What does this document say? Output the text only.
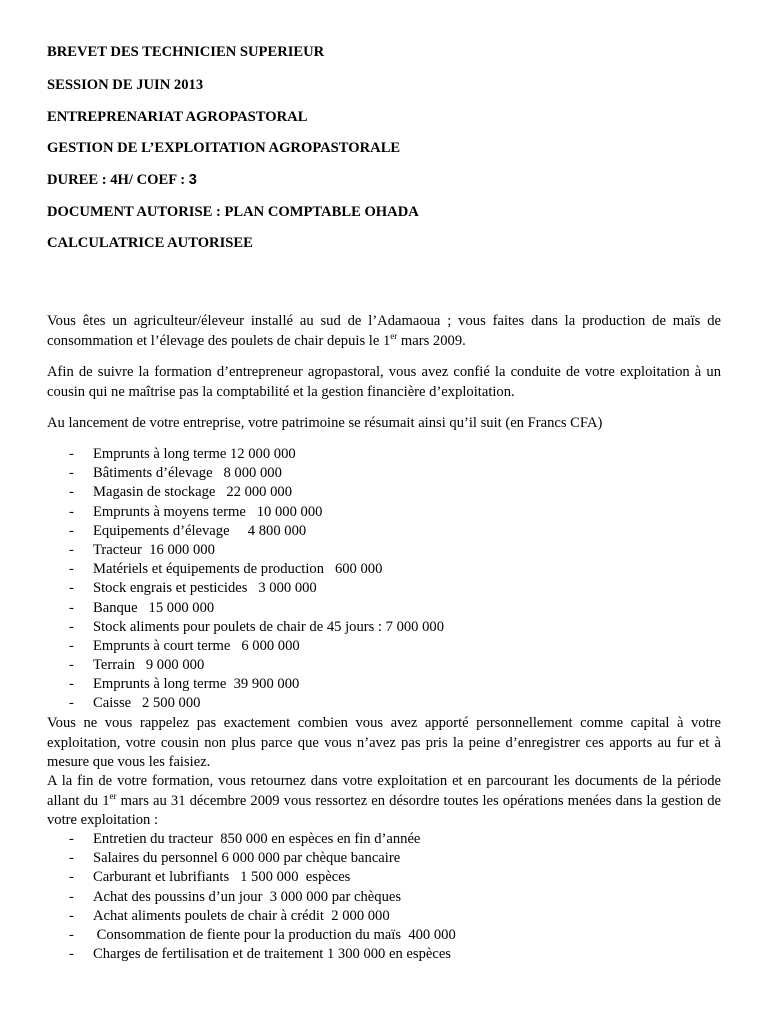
BREVET DES TECHNICIEN SUPERIEUR
SESSION DE JUIN 2013
ENTREPRENARIAT AGROPASTORAL
GESTION DE L’EXPLOITATION AGROPASTORALE
DUREE : 4H/ COEF : 3
DOCUMENT AUTORISE : PLAN COMPTABLE OHADA
CALCULATRICE AUTORISEE

Vous êtes un agriculteur/éleveur installé au sud de l’Adamaoua ; vous faites dans la production de maïs de consommation et l’élevage des poulets de chair depuis le 1er mars 2009.

Afin de suivre la formation d’entrepreneur agropastoral, vous avez confié la conduite de votre exploitation à un cousin qui ne maîtrise pas la comptabilité et la gestion financière d’exploitation.

Au lancement de votre entreprise, votre patrimoine se résumait ainsi qu’il suit (en Francs CFA)

- Emprunts à long terme 12 000 000
- Bâtiments d’élevage   8 000 000
- Magasin de stockage   22 000 000
- Emprunts à moyens terme   10 000 000
- Equipements d’élevage     4 800 000
- Tracteur  16 000 000
- Matériels et équipements de production   600 000
- Stock engrais et pesticides   3 000 000
- Banque   15 000 000
- Stock aliments pour poulets de chair de 45 jours : 7 000 000
- Emprunts à court terme   6 000 000
- Terrain   9 000 000
- Emprunts à long terme  39 900 000
- Caisse   2 500 000

Vous ne vous rappelez pas exactement combien vous avez apporté personnellement comme capital à votre exploitation, votre cousin non plus parce que vous n’avez pas pris la peine d’enregistrer ces apports au fur et à mesure que vous les faisiez.

A la fin de votre formation, vous retournez dans votre exploitation et en parcourant les documents de la période allant du 1er mars au 31 décembre 2009 vous ressortez en désordre toutes les opérations menées dans la gestion de votre exploitation :

- Entretien du tracteur  850 000 en espèces en fin d’année
- Salaires du personnel 6 000 000 par chèque bancaire
- Carburant et lubrifiants   1 500 000  espèces
- Achat des poussins d’un jour  3 000 000 par chèques
- Achat aliments poulets de chair à crédit  2 000 000
- Consommation de fiente pour la production du maïs  400 000
- Charges de fertilisation et de traitement 1 300 000 en espèces
